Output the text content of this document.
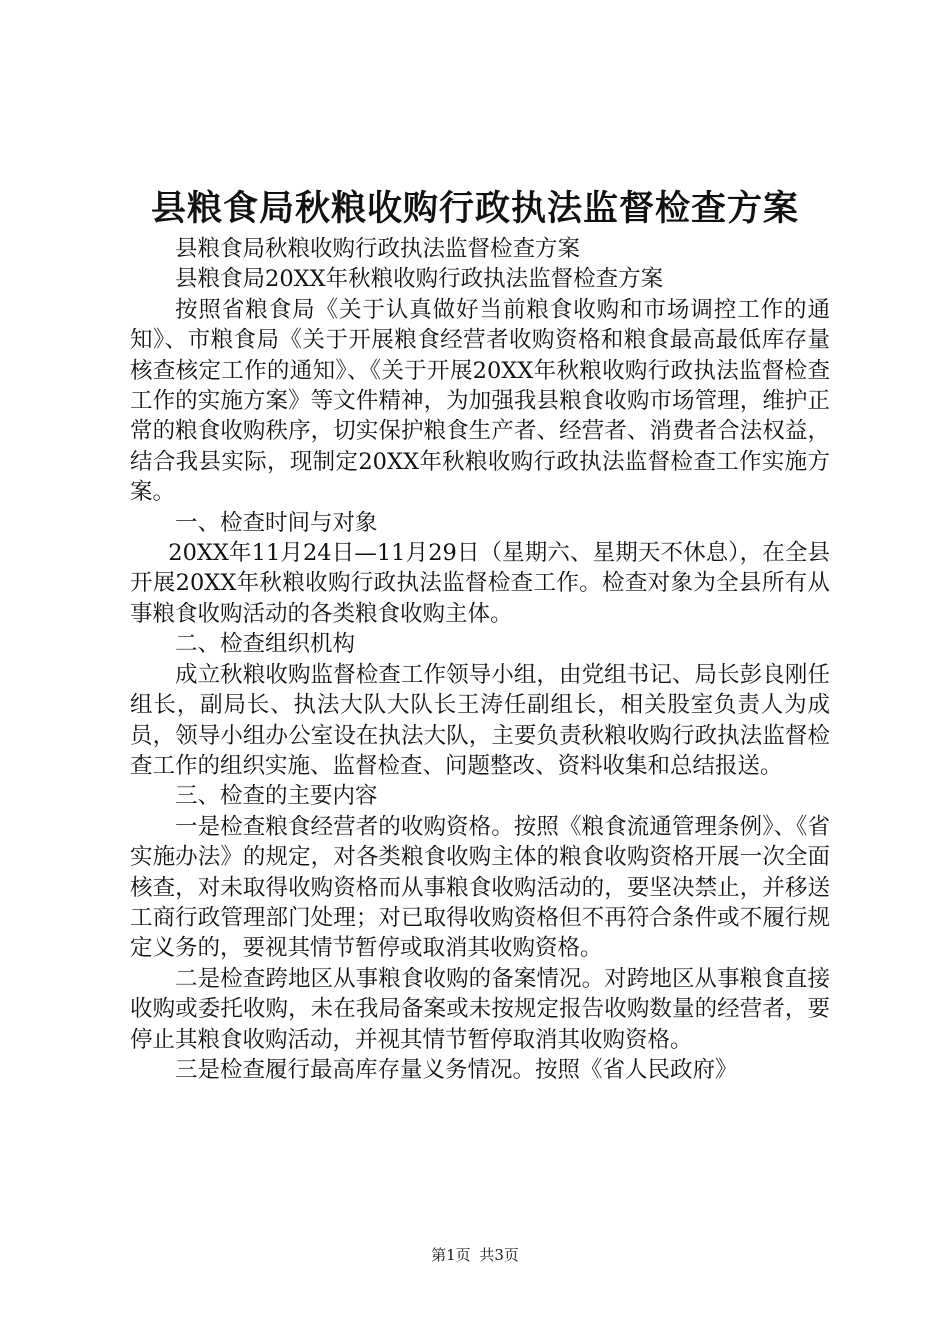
县粮食局秋粮收购行政执法监督检查方案

县粮食局秋粮收购行政执法监督检查方案

县粮食局20XX年秋粮收购行政执法监督检查方案

按照省粮食局《关于认真做好当前粮食收购和市场调控工作的通知》、市粮食局《关于开展粮食经营者收购资格和粮食最高最低库存量核查核定工作的通知》、《关于开展20XX年秋粮收购行政执法监督检查工作的实施方案》等文件精神，为加强我县粮食收购市场管理，维护正常的粮食收购秩序，切实保护粮食生产者、经营者、消费者合法权益，结合我县实际，现制定20XX年秋粮收购行政执法监督检查工作实施方案。

一、检查时间与对象

20XX年11月24日—11月29日（星期六、星期天不休息），在全县开展20XX年秋粮收购行政执法监督检查工作。检查对象为全县所有从事粮食收购活动的各类粮食收购主体。

二、检查组织机构

成立秋粮收购监督检查工作领导小组，由党组书记、局长彭良刚任组长，副局长、执法大队大队长王涛任副组长，相关股室负责人为成员，领导小组办公室设在执法大队，主要负责秋粮收购行政执法监督检查工作的组织实施、监督检查、问题整改、资料收集和总结报送。

三、检查的主要内容

一是检查粮食经营者的收购资格。按照《粮食流通管理条例》、《省实施办法》的规定，对各类粮食收购主体的粮食收购资格开展一次全面核查，对未取得收购资格而从事粮食收购活动的，要坚决禁止，并移送工商行政管理部门处理；对已取得收购资格但不再符合条件或不履行规定义务的，要视其情节暂停或取消其收购资格。

二是检查跨地区从事粮食收购的备案情况。对跨地区从事粮食直接收购或委托收购，未在我局备案或未按规定报告收购数量的经营者，要停止其粮食收购活动，并视其情节暂停取消其收购资格。

三是检查履行最高库存量义务情况。按照《省人民政府》

第1页 共3页
